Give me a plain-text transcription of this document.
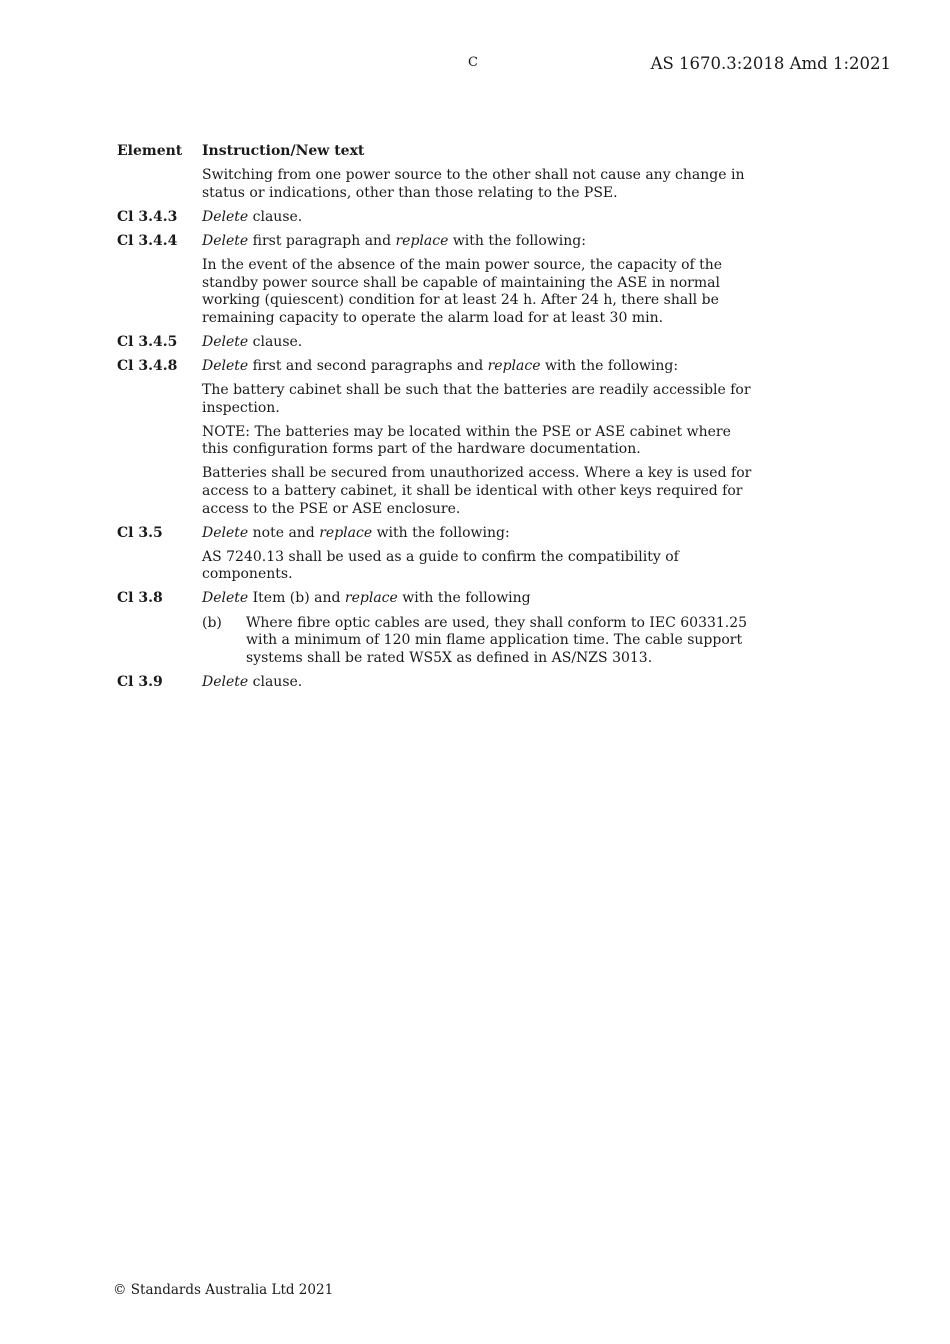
C	AS 1670.3:2018 Amd 1:2021
Element	Instruction/New text
Switching from one power source to the other shall not cause any change in status or indications, other than those relating to the PSE.
Cl 3.4.3	Delete clause.
Cl 3.4.4	Delete first paragraph and replace with the following:
In the event of the absence of the main power source, the capacity of the standby power source shall be capable of maintaining the ASE in normal working (quiescent) condition for at least 24 h. After 24 h, there shall be remaining capacity to operate the alarm load for at least 30 min.
Cl 3.4.5	Delete clause.
Cl 3.4.8	Delete first and second paragraphs and replace with the following:
The battery cabinet shall be such that the batteries are readily accessible for inspection.
NOTE: The batteries may be located within the PSE or ASE cabinet where this configuration forms part of the hardware documentation.
Batteries shall be secured from unauthorized access. Where a key is used for access to a battery cabinet, it shall be identical with other keys required for access to the PSE or ASE enclosure.
Cl 3.5	Delete note and replace with the following:
AS 7240.13 shall be used as a guide to confirm the compatibility of components.
Cl 3.8	Delete Item (b) and replace with the following
(b)	Where fibre optic cables are used, they shall conform to IEC 60331.25 with a minimum of 120 min flame application time. The cable support systems shall be rated WS5X as defined in AS/NZS 3013.
Cl 3.9	Delete clause.
© Standards Australia Ltd 2021
